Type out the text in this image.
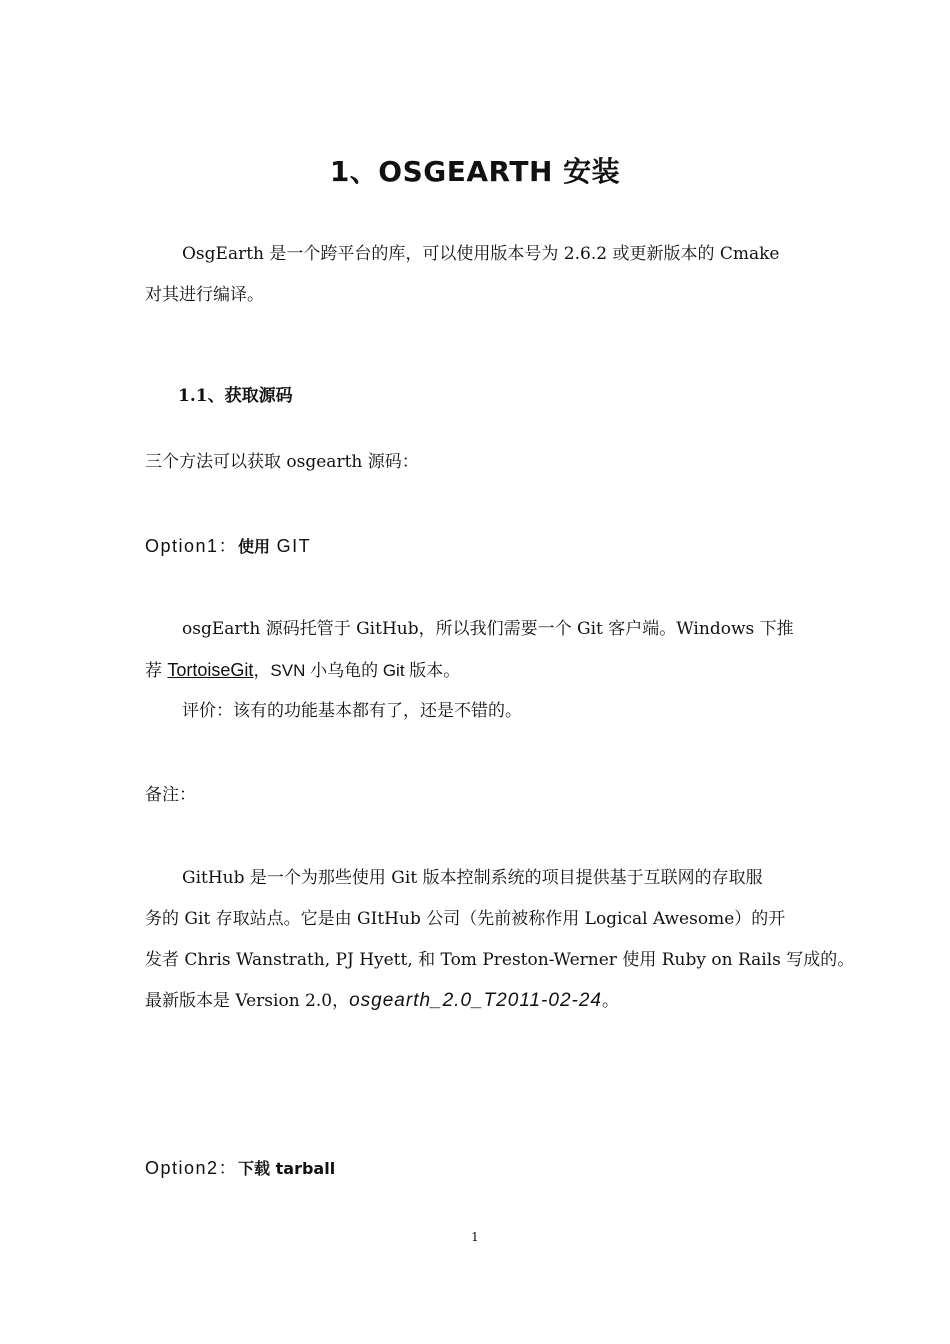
1、OSGEARTH 安装
OsgEarth 是一个跨平台的库，可以使用版本号为 2.6.2 或更新版本的 Cmake
对其进行编译。
1.1、获取源码
三个方法可以获取 osgearth 源码：
Option1：使用 GIT
osgEarth 源码托管于 GitHub，所以我们需要一个 Git 客户端。Windows 下推
荐 TortoiseGit，SVN 小乌龟的 Git 版本。
评价：该有的功能基本都有了，还是不错的。
备注：
GitHub 是一个为那些使用 Git 版本控制系统的项目提供基于互联网的存取服
务的 Git 存取站点。它是由 GItHub 公司（先前被称作用 Logical Awesome）的开
发者 Chris Wanstrath, PJ Hyett, 和 Tom Preston-Werner 使用 Ruby on Rails 写成的。
最新版本是 Version 2.0，osgearth_2.0_T2011-02-24。
Option2：下载 tarball
1
